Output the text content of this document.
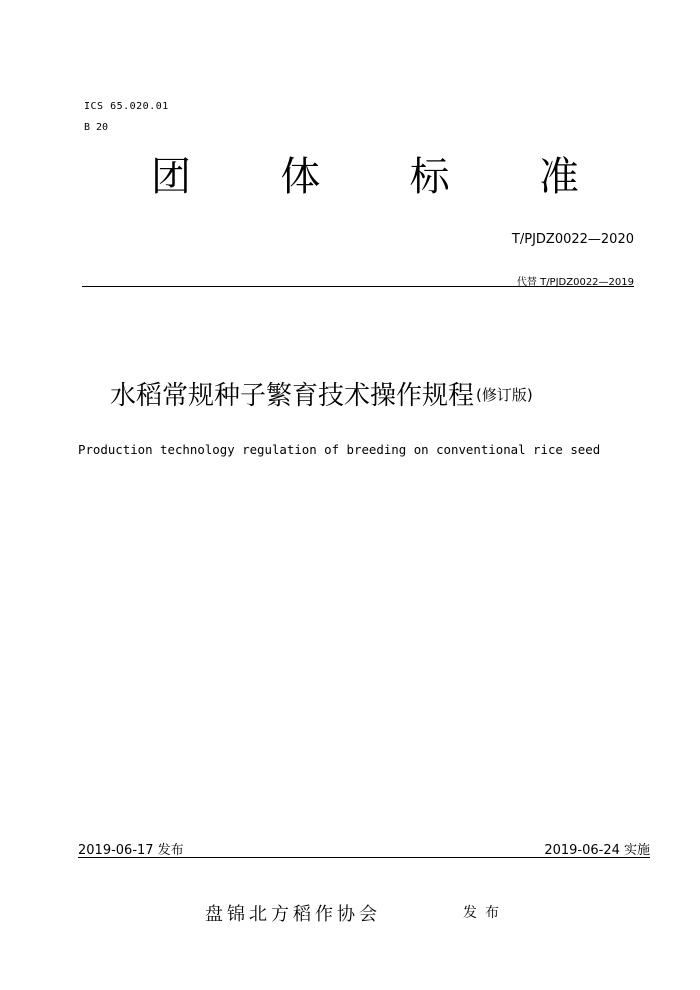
ICS 65.020.01
B 20
团 体 标 准
T/PJDZ0022—2020
代替 T/PJDZ0022—2019
水稻常规种子繁育技术操作规程 $^{(修订版)}$
Production technology regulation of breeding on conventional rice seed
2019-06-17 发布	2019-06-24 实施
盘锦北方稻作协会	发布
